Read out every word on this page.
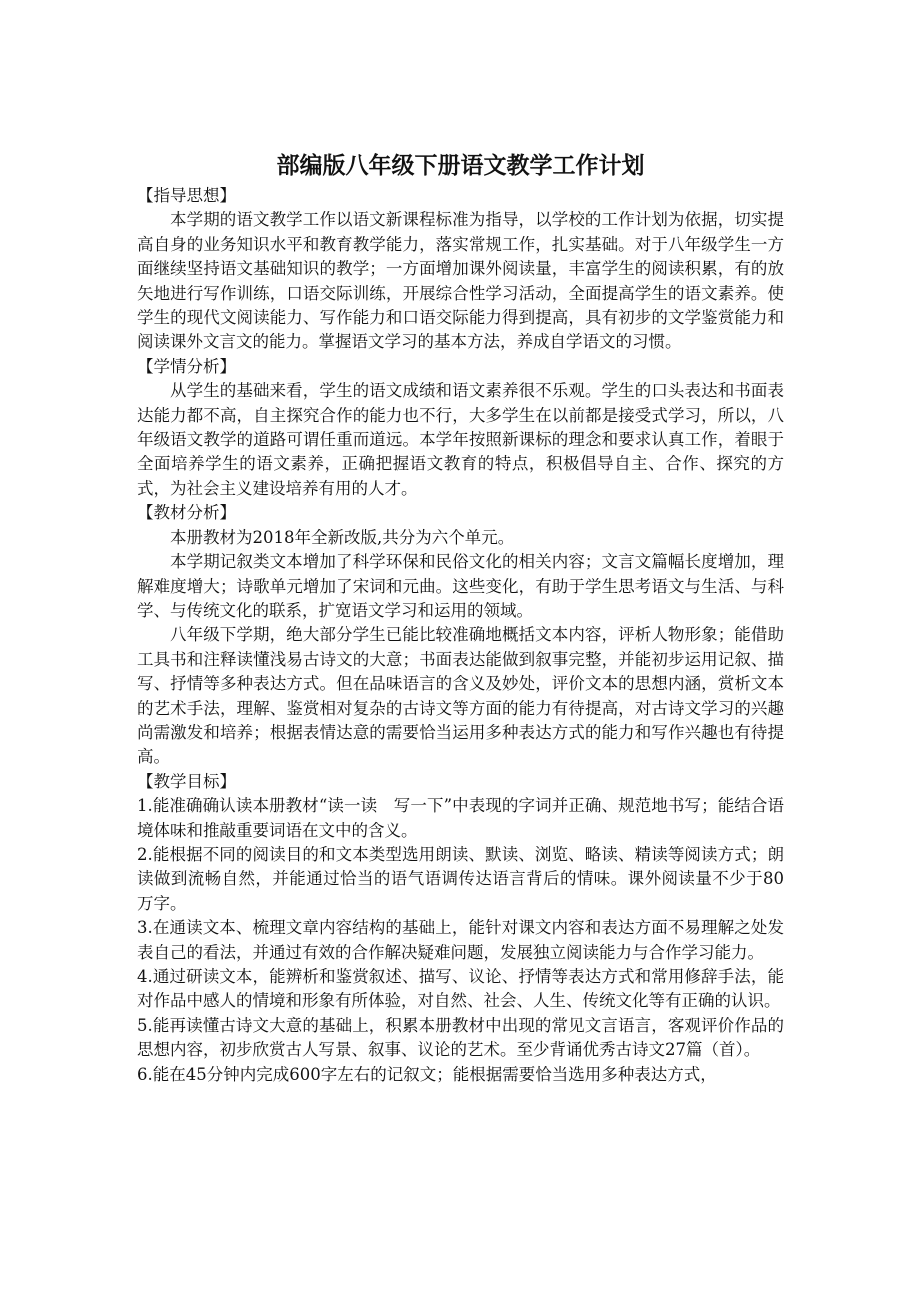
部编版八年级下册语文教学工作计划

【指导思想】

本学期的语文教学工作以语文新课程标准为指导，以学校的工作计划为依据，切实提高自身的业务知识水平和教育教学能力，落实常规工作，扎实基础。对于八年级学生一方面继续坚持语文基础知识的教学；一方面增加课外阅读量，丰富学生的阅读积累，有的放矢地进行写作训练，口语交际训练，开展综合性学习活动，全面提高学生的语文素养。使学生的现代文阅读能力、写作能力和口语交际能力得到提高，具有初步的文学鉴赏能力和阅读课外文言文的能力。掌握语文学习的基本方法，养成自学语文的习惯。

【学情分析】

从学生的基础来看，学生的语文成绩和语文素养很不乐观。学生的口头表达和书面表达能力都不高，自主探究合作的能力也不行，大多学生在以前都是接受式学习，所以，八年级语文教学的道路可谓任重而道远。本学年按照新课标的理念和要求认真工作，着眼于全面培养学生的语文素养，正确把握语文教育的特点，积极倡导自主、合作、探究的方式，为社会主义建设培养有用的人才。

【教材分析】

本册教材为2018年全新改版,共分为六个单元。

本学期记叙类文本增加了科学环保和民俗文化的相关内容；文言文篇幅长度增加，理解难度增大；诗歌单元增加了宋词和元曲。这些变化，有助于学生思考语文与生活、与科学、与传统文化的联系，扩宽语文学习和运用的领域。

八年级下学期，绝大部分学生已能比较准确地概括文本内容，评析人物形象；能借助工具书和注释读懂浅易古诗文的大意；书面表达能做到叙事完整，并能初步运用记叙、描写、抒情等多种表达方式。但在品味语言的含义及妙处，评价文本的思想内涵，赏析文本的艺术手法，理解、鉴赏相对复杂的古诗文等方面的能力有待提高，对古诗文学习的兴趣尚需激发和培养；根据表情达意的需要恰当运用多种表达方式的能力和写作兴趣也有待提高。

【教学目标】

1.能准确确认读本册教材“读一读　写一下”中表现的字词并正确、规范地书写；能结合语境体味和推敲重要词语在文中的含义。

2.能根据不同的阅读目的和文本类型选用朗读、默读、浏览、略读、精读等阅读方式；朗读做到流畅自然，并能通过恰当的语气语调传达语言背后的情味。课外阅读量不少于80万字。

3.在通读文本、梳理文章内容结构的基础上，能针对课文内容和表达方面不易理解之处发表自己的看法，并通过有效的合作解决疑难问题，发展独立阅读能力与合作学习能力。

4.通过研读文本，能辨析和鉴赏叙述、描写、议论、抒情等表达方式和常用修辞手法，能对作品中感人的情境和形象有所体验，对自然、社会、人生、传统文化等有正确的认识。

5.能再读懂古诗文大意的基础上，积累本册教材中出现的常见文言语言，客观评价作品的思想内容，初步欣赏古人写景、叙事、议论的艺术。至少背诵优秀古诗文27篇（首）。

6.能在45分钟内完成600字左右的记叙文；能根据需要恰当选用多种表达方式，
